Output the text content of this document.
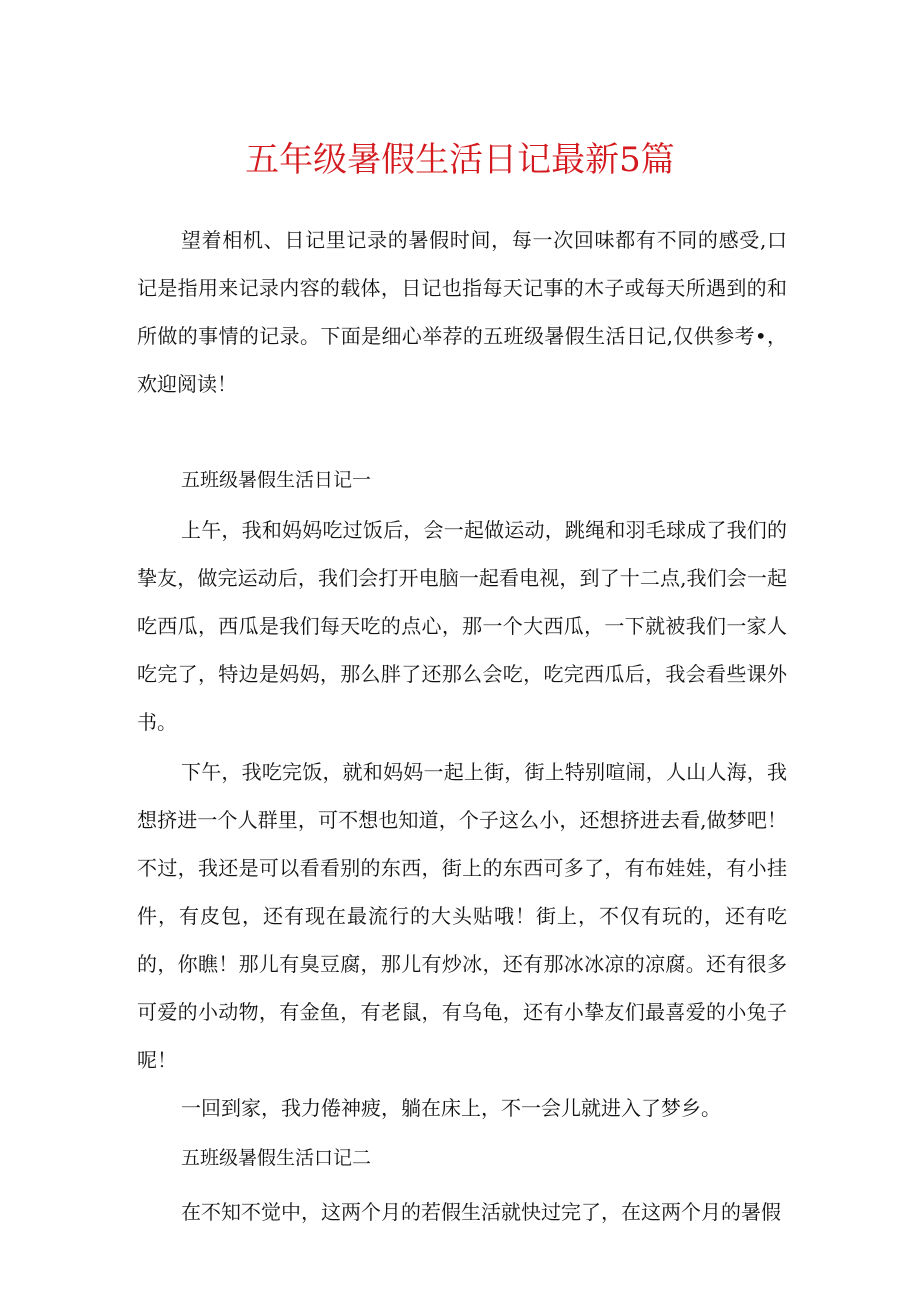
五年级暑假生活日记最新5篇

望着相机、日记里记录的暑假时间，每一次回味都有不同的感受,口记是指用来记录内容的载体，日记也指每天记事的木子或每天所遇到的和所做的事情的记录。下面是细心举荐的五班级暑假生活日记,仅供参考•，欢迎阅读！

五班级暑假生活日记一

上午，我和妈妈吃过饭后，会一起做运动，跳绳和羽毛球成了我们的挚友，做完运动后，我们会打开电脑一起看电视，到了十二点,我们会一起吃西瓜，西瓜是我们每天吃的点心，那一个大西瓜，一下就被我们一家人吃完了，特边是妈妈，那么胖了还那么会吃，吃完西瓜后，我会看些课外书。

下午，我吃完饭，就和妈妈一起上街，街上特别喧闹，人山人海，我想挤进一个人群里，可不想也知道，个子这么小，还想挤进去看,做梦吧！不过，我还是可以看看别的东西，街上的东西可多了，有布娃娃，有小挂件，有皮包，还有现在最流行的大头贴哦！街上，不仅有玩的，还有吃的，你瞧！那儿有臭豆腐，那儿有炒冰，还有那冰冰凉的凉腐。还有很多可爱的小动物，有金鱼，有老鼠，有乌龟，还有小挚友们最喜爱的小兔子呢！

一回到家，我力倦神疲，躺在床上，不一会儿就进入了梦乡。

五班级暑假生活口记二

在不知不觉中，这两个月的若假生活就快过完了，在这两个月的暑假
